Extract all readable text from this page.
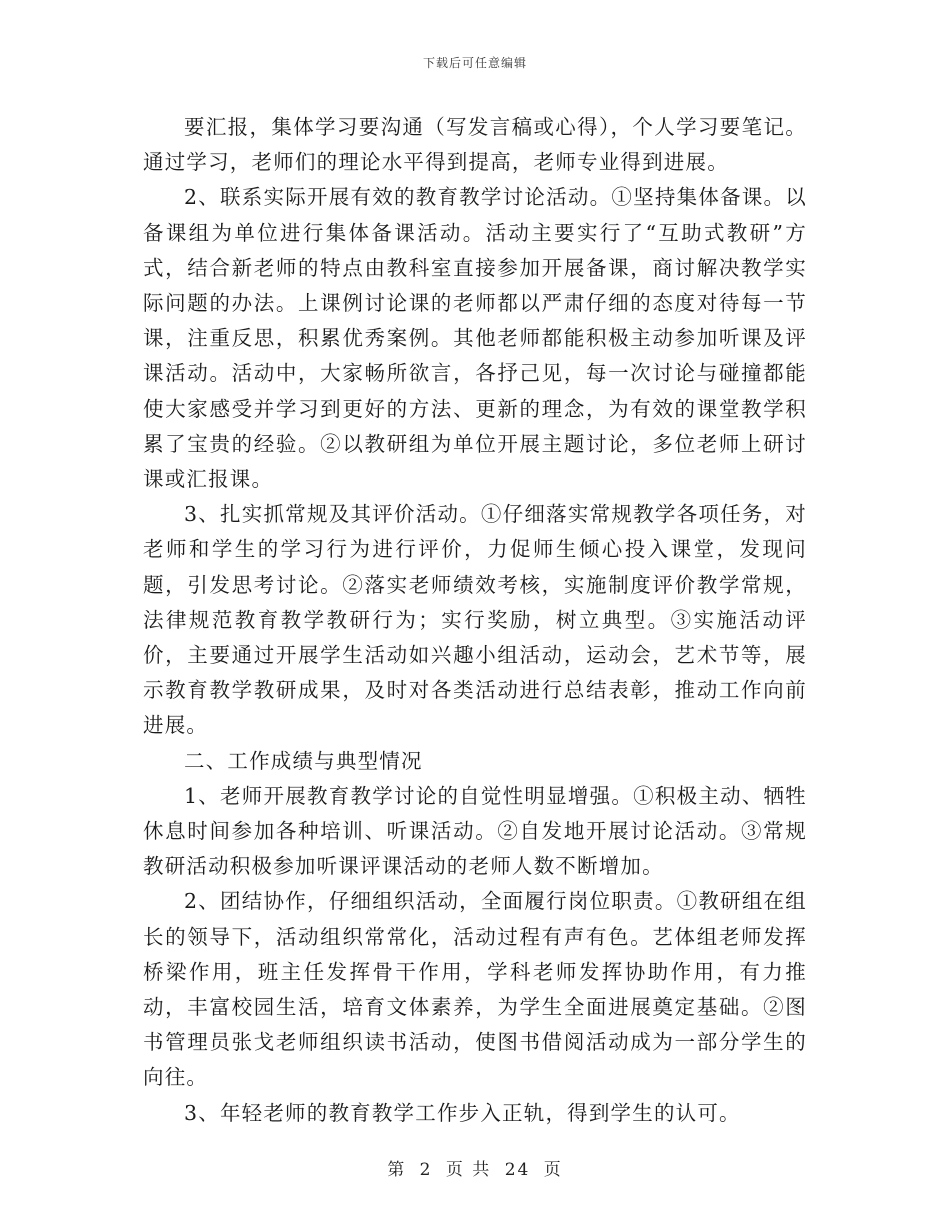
下载后可任意编辑

要汇报，集体学习要沟通（写发言稿或心得），个人学习要笔记。通过学习，老师们的理论水平得到提高，老师专业得到进展。

2、联系实际开展有效的教育教学讨论活动。①坚持集体备课。以备课组为单位进行集体备课活动。活动主要实行了“互助式教研”方式，结合新老师的特点由教科室直接参加开展备课，商讨解决教学实际问题的办法。上课例讨论课的老师都以严肃仔细的态度对待每一节课，注重反思，积累优秀案例。其他老师都能积极主动参加听课及评课活动。活动中，大家畅所欲言，各抒己见，每一次讨论与碰撞都能使大家感受并学习到更好的方法、更新的理念，为有效的课堂教学积累了宝贵的经验。②以教研组为单位开展主题讨论，多位老师上研讨课或汇报课。

3、扎实抓常规及其评价活动。①仔细落实常规教学各项任务，对老师和学生的学习行为进行评价，力促师生倾心投入课堂，发现问题，引发思考讨论。②落实老师绩效考核，实施制度评价教学常规，法律规范教育教学教研行为；实行奖励，树立典型。③实施活动评价，主要通过开展学生活动如兴趣小组活动，运动会，艺术节等，展示教育教学教研成果，及时对各类活动进行总结表彰，推动工作向前进展。

二、工作成绩与典型情况

1、老师开展教育教学讨论的自觉性明显增强。①积极主动、牺牲休息时间参加各种培训、听课活动。②自发地开展讨论活动。③常规教研活动积极参加听课评课活动的老师人数不断增加。

2、团结协作，仔细组织活动，全面履行岗位职责。①教研组在组长的领导下，活动组织常常化，活动过程有声有色。艺体组老师发挥桥梁作用，班主任发挥骨干作用，学科老师发挥协助作用，有力推动，丰富校园生活，培育文体素养，为学生全面进展奠定基础。②图书管理员张戈老师组织读书活动，使图书借阅活动成为一部分学生的向往。

3、年轻老师的教育教学工作步入正轨，得到学生的认可。

第 2 页 共 24 页
